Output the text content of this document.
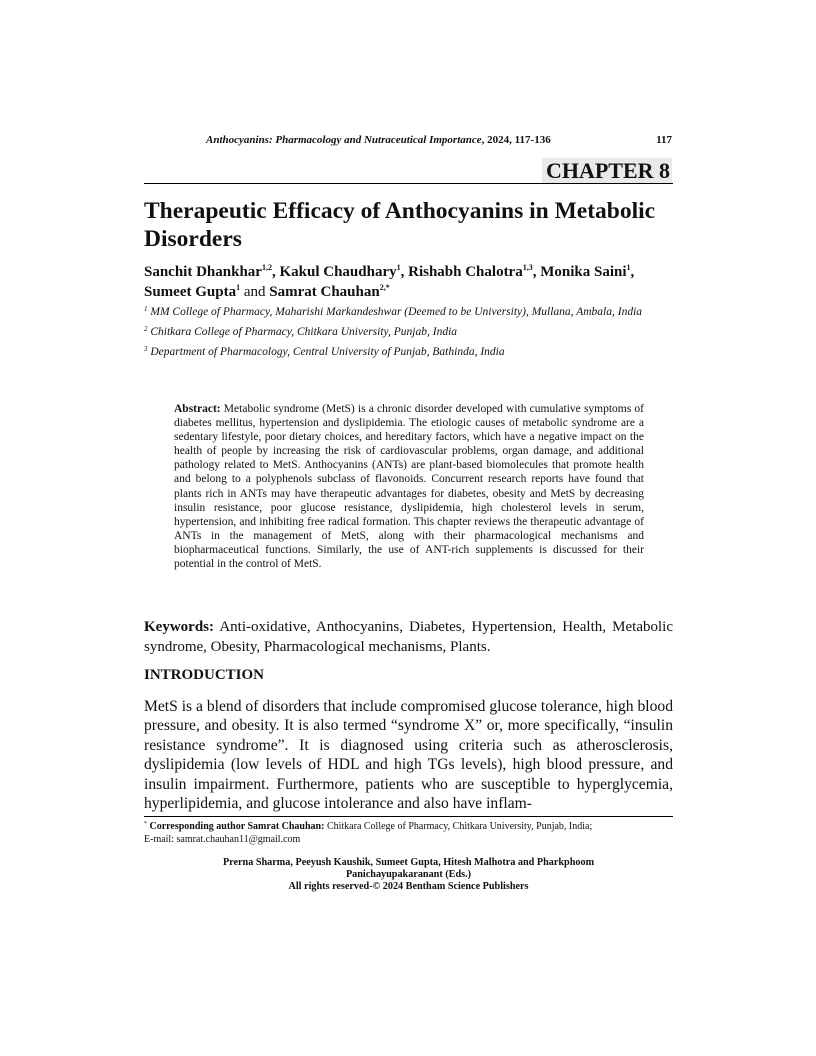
Anthocyanins: Pharmacology and Nutraceutical Importance, 2024, 117-136	117
CHAPTER 8
Therapeutic Efficacy of Anthocyanins in Metabolic Disorders
Sanchit Dhankhar$^{1,2}$, Kakul Chaudhary$^1$, Rishabh Chalotra$^{1,3}$, Monika Saini$^1$,
Sumeet Gupta$^1$ and Samrat Chauhan$^{2,*}$
$^1$ MM College of Pharmacy, Maharishi Markandeshwar (Deemed to be University), Mullana, Ambala, India
$^2$ Chitkara College of Pharmacy, Chitkara University, Punjab, India
$^3$ Department of Pharmacology, Central University of Punjab, Bathinda, India

Abstract: Metabolic syndrome (MetS) is a chronic disorder developed with cumulative symptoms of diabetes mellitus, hypertension and dyslipidemia. The etiologic causes of metabolic syndrome are a sedentary lifestyle, poor dietary choices, and hereditary factors, which have a negative impact on the health of people by increasing the risk of cardiovascular problems, organ damage, and additional pathology related to MetS. Anthocyanins (ANTs) are plant-based biomolecules that promote health and belong to a polyphenols subclass of flavonoids. Concurrent research reports have found that plants rich in ANTs may have therapeutic advantages for diabetes, obesity and MetS by decreasing insulin resistance, poor glucose resistance, dyslipidemia, high cholesterol levels in serum, hypertension, and inhibiting free radical formation. This chapter reviews the therapeutic advantage of ANTs in the management of MetS, along with their pharmacological mechanisms and biopharmaceutical functions. Similarly, the use of ANT-rich supplements is discussed for their potential in the control of MetS.

Keywords: Anti-oxidative, Anthocyanins, Diabetes, Hypertension, Health, Metabolic syndrome, Obesity, Pharmacological mechanisms, Plants.

INTRODUCTION

MetS is a blend of disorders that include compromised glucose tolerance, high blood pressure, and obesity. It is also termed “syndrome X” or, more specifically, “insulin resistance syndrome”. It is diagnosed using criteria such as atherosclerosis, dyslipidemia (low levels of HDL and high TGs levels), high blood pressure, and insulin impairment. Furthermore, patients who are susceptible to hyperglycemia, hyperlipidemia, and glucose intolerance and also have inflam-

* Corresponding author Samrat Chauhan: Chitkara College of Pharmacy, Chitkara University, Punjab, India;
E-mail: samrat.chauhan11@gmail.com
Prerna Sharma, Peeyush Kaushik, Sumeet Gupta, Hitesh Malhotra and Pharkphoom
Panichayupakaranant (Eds.)
All rights reserved-© 2024 Bentham Science Publishers
